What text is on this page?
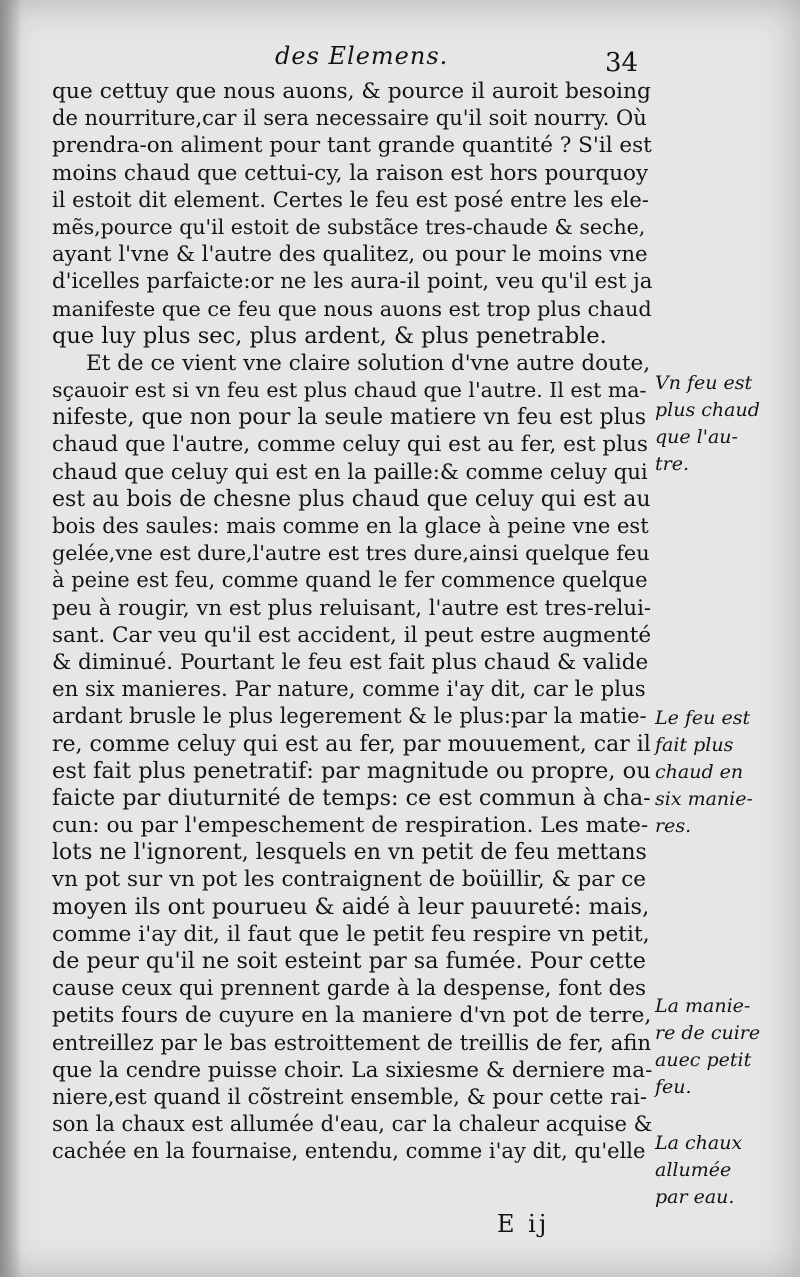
des Elemens.	34
que cettuy que nous auons, & pource il auroit besoing
de nourriture,car il sera necessaire qu'il soit nourry. Où
prendra-on aliment pour tant grande quantité ? S'il est
moins chaud que cettui-cy, la raison est hors pourquoy
il estoit dit element. Certes le feu est posé entre les ele-
mẽs,pource qu'il estoit de substãce tres-chaude & seche,
ayant l'vne & l'autre des qualitez, ou pour le moins vne
d'icelles parfaicte:or ne les aura-il point, veu qu'il est ja
manifeste que ce feu que nous auons est trop plus chaud
que luy plus sec, plus ardent, & plus penetrable.
Et de ce vient vne claire solution d'vne autre doute,
sçauoir est si vn feu est plus chaud que l'autre. Il est ma-
nifeste, que non pour la seule matiere vn feu est plus
chaud que l'autre, comme celuy qui est au fer, est plus
chaud que celuy qui est en la paille:& comme celuy qui
est au bois de chesne plus chaud que celuy qui est au
bois des saules: mais comme en la glace à peine vne est
gelée,vne est dure,l'autre est tres dure,ainsi quelque feu
à peine est feu, comme quand le fer commence quelque
peu à rougir, vn est plus reluisant, l'autre est tres-relui-
sant. Car veu qu'il est accident, il peut estre augmenté
& diminué. Pourtant le feu est fait plus chaud & valide
en six manieres. Par nature, comme i'ay dit, car le plus
ardant brusle le plus legerement & le plus:par la matie-
re, comme celuy qui est au fer, par mouuement, car il
est fait plus penetratif: par magnitude ou propre, ou
faicte par diuturnité de temps: ce est commun à cha-
cun: ou par l'empeschement de respiration. Les mate-
lots ne l'ignorent, lesquels en vn petit de feu mettans
vn pot sur vn pot les contraignent de boüillir, & par ce
moyen ils ont pourueu & aidé à leur pauureté: mais,
comme i'ay dit, il faut que le petit feu respire vn petit,
de peur qu'il ne soit esteint par sa fumée. Pour cette
cause ceux qui prennent garde à la despense, font des
petits fours de cuyure en la maniere d'vn pot de terre,
entreillez par le bas estroittement de treillis de fer, afin
que la cendre puisse choir. La sixiesme & derniere ma-
niere,est quand il cõstreint ensemble, & pour cette rai-
son la chaux est allumée d'eau, car la chaleur acquise &
cachée en la fournaise, entendu, comme i'ay dit, qu'elle
Vn feu est
plus chaud
que l'au-
tre.
Le feu est
fait plus
chaud en
six manie-
res.
La manie-
re de cuire
auec petit
feu.
La chaux
allumée
par eau.
E ij
